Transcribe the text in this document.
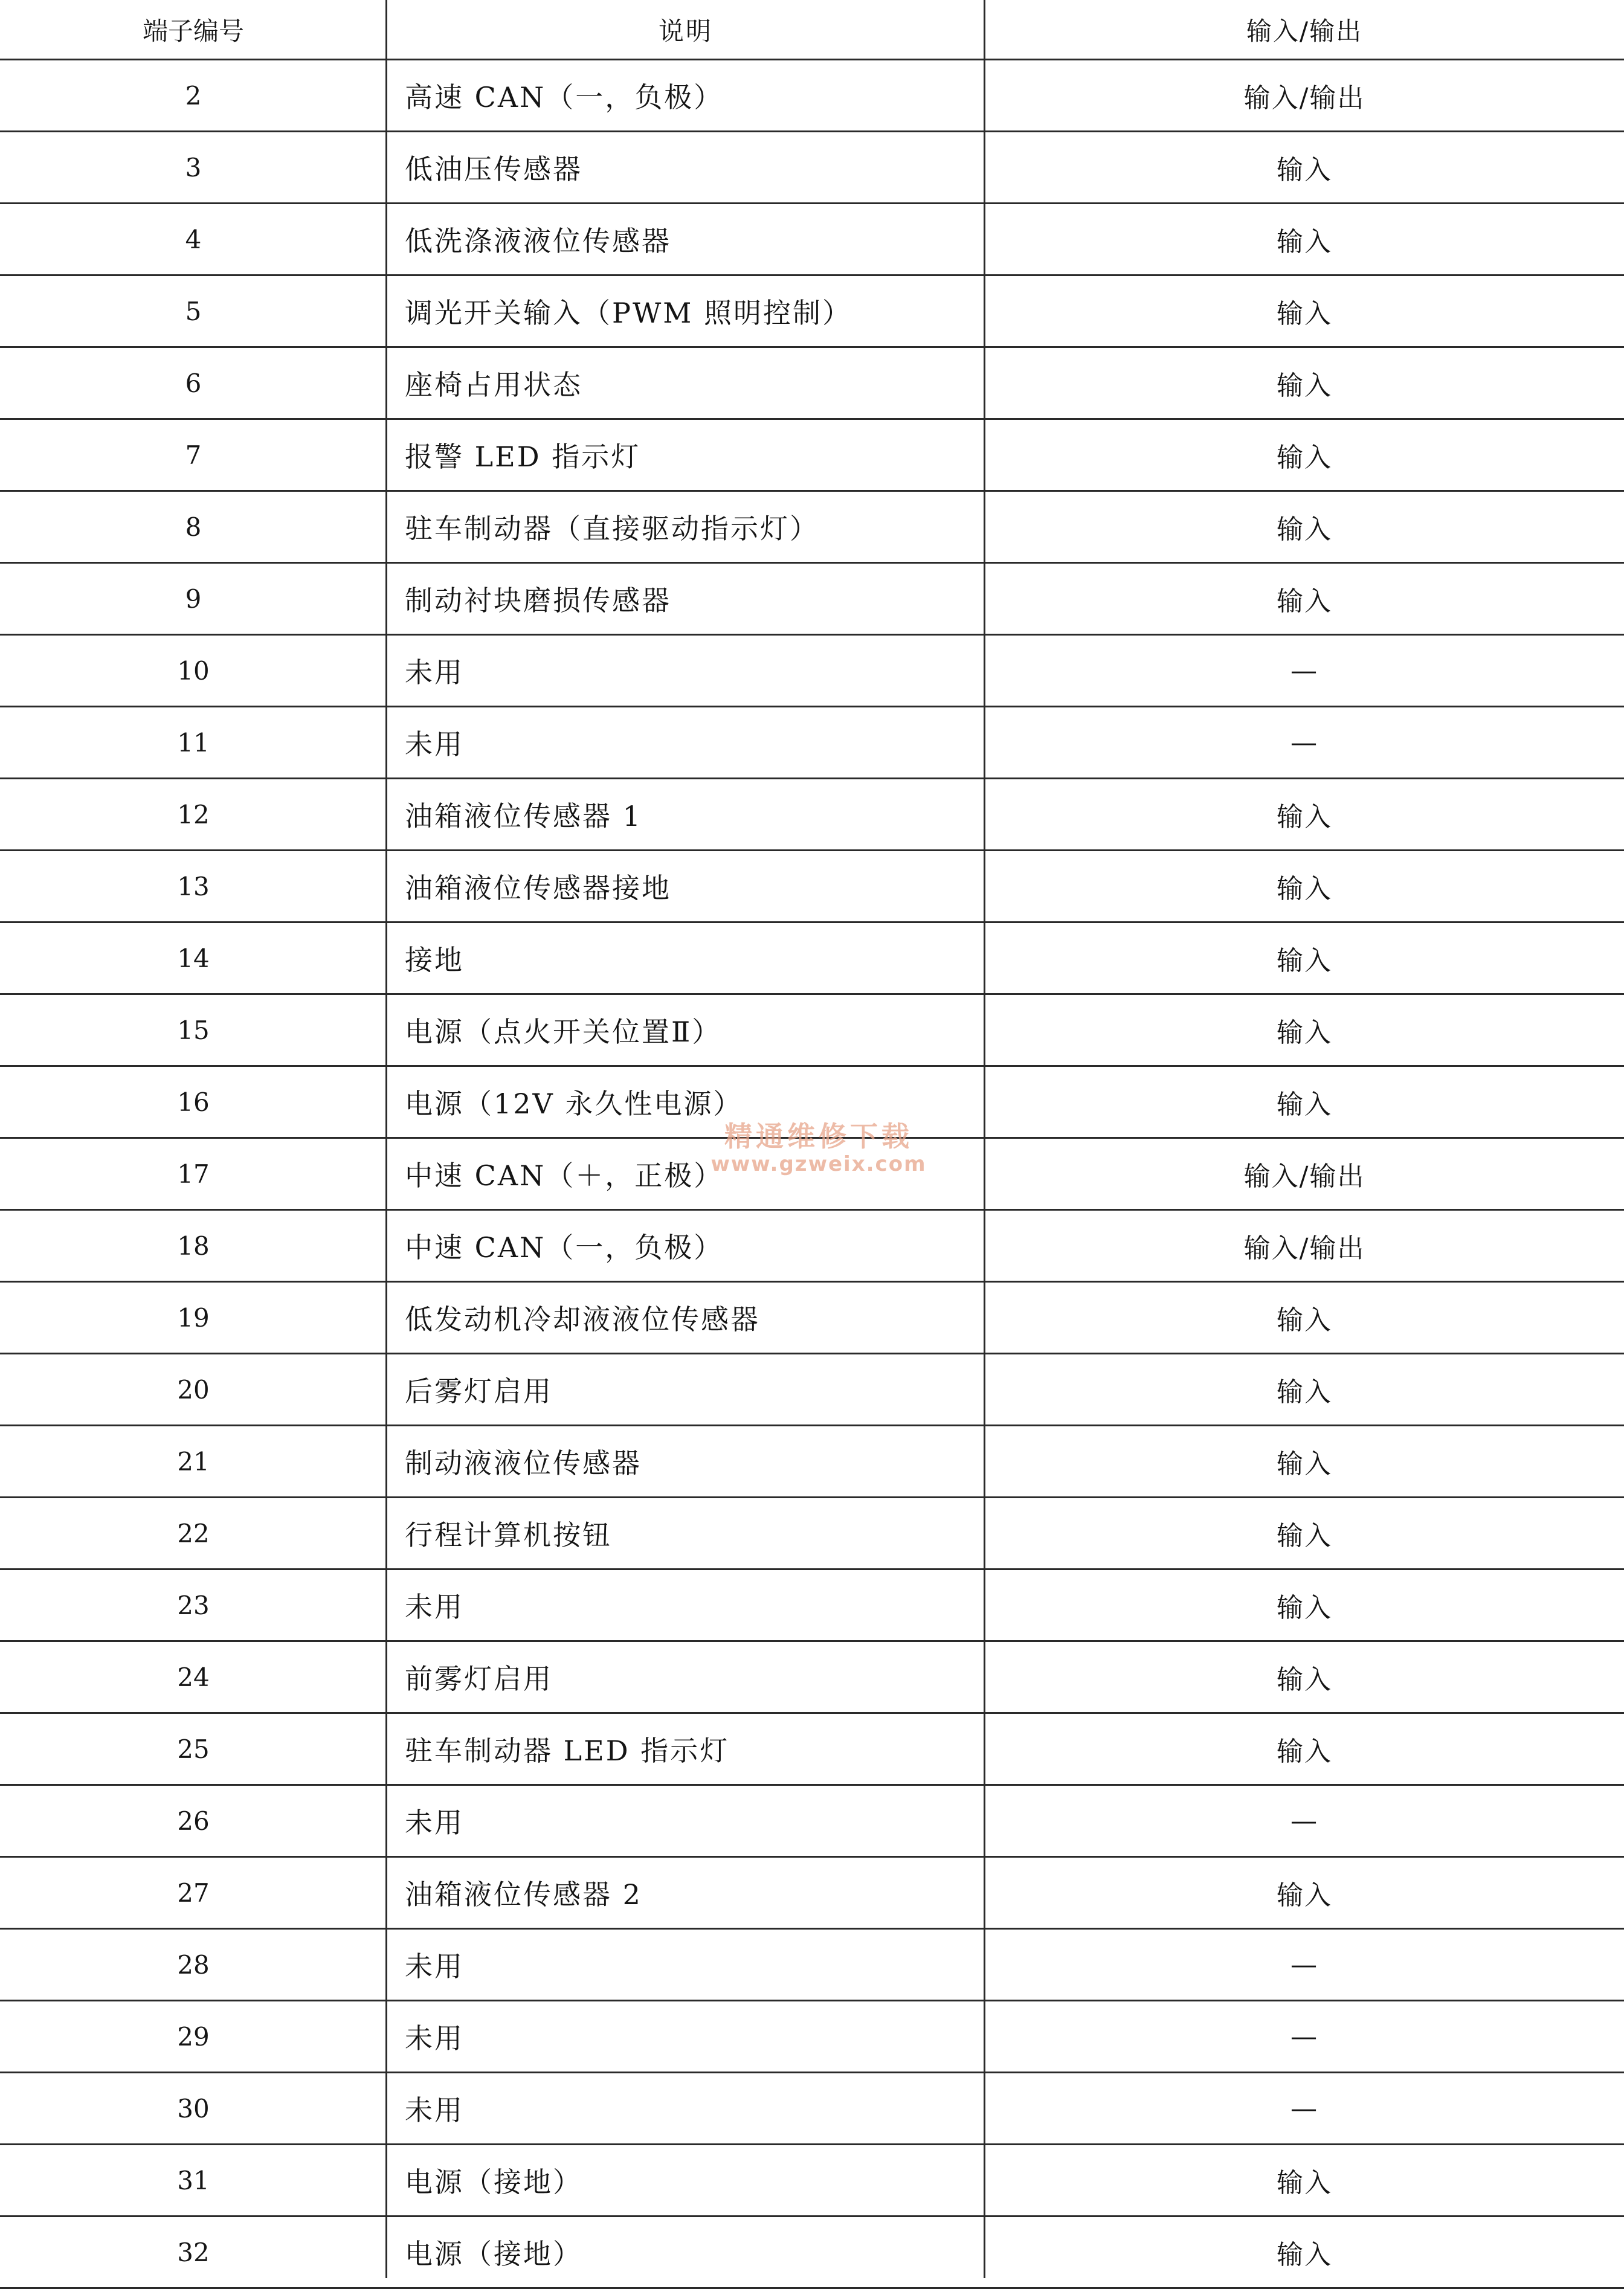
端子编号	说明	输入/输出
2	高速 CAN（一，负极）	输入/输出
3	低油压传感器	输入
4	低洗涤液液位传感器	输入
5	调光开关输入（PWM 照明控制）	输入
6	座椅占用状态	输入
7	报警 LED 指示灯	输入
8	驻车制动器（直接驱动指示灯）	输入
9	制动衬块磨损传感器	输入
10	未用	—
11	未用	—
12	油箱液位传感器 1	输入
13	油箱液位传感器接地	输入
14	接地	输入
15	电源（点火开关位置Ⅱ）	输入
16	电源（12V 永久性电源）	输入
17	中速 CAN（＋，正极）	输入/输出
18	中速 CAN（一，负极）	输入/输出
19	低发动机冷却液液位传感器	输入
20	后雾灯启用	输入
21	制动液液位传感器	输入
22	行程计算机按钮	输入
23	未用	输入
24	前雾灯启用	输入
25	驻车制动器 LED 指示灯	输入
26	未用	—
27	油箱液位传感器 2	输入
28	未用	—
29	未用	—
30	未用	—
31	电源（接地）	输入
32	电源（接地）	输入
精通维修下载
www.gzweix.com
